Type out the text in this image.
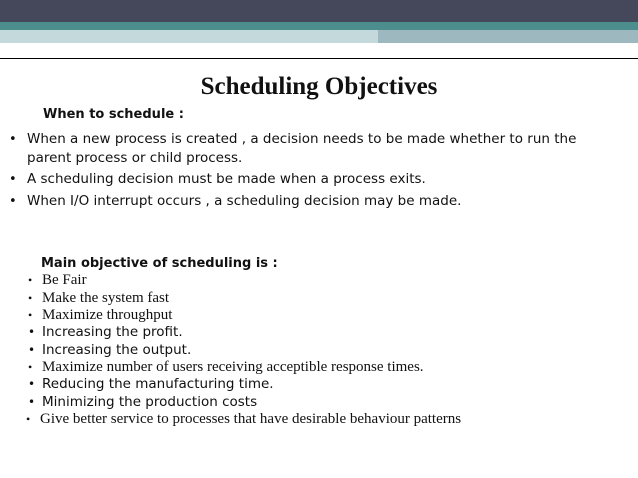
Scheduling Objectives
When to schedule :
• When a new process is created , a decision needs to be made whether to run the parent process or child process.
• A scheduling decision must be made when a process exits.
• When I/O interrupt occurs , a scheduling decision may be made.
Main objective of scheduling is :
• Be Fair
• Make the system fast
• Maximize throughput
• Increasing the profit.
• Increasing the output.
• Maximize number of users receiving acceptible response times.
• Reducing the manufacturing time.
• Minimizing the production costs
• Give better service to processes that have desirable behaviour patterns
